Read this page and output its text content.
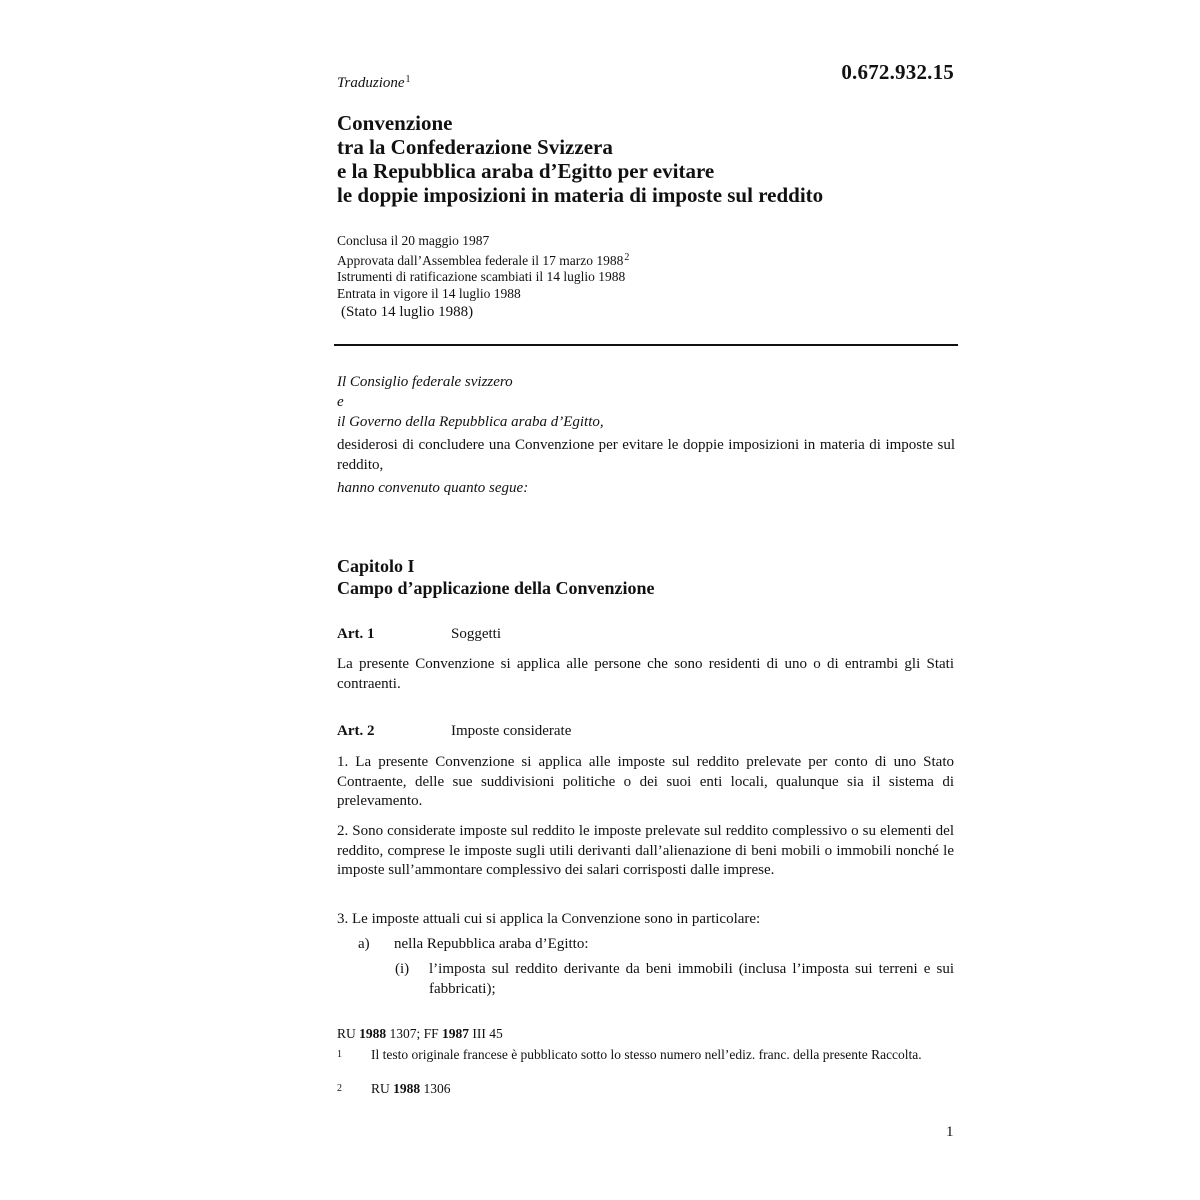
0.672.932.15
Traduzione$^1$
Convenzione
tra la Confederazione Svizzera
e la Repubblica araba d’Egitto per evitare
le doppie imposizioni in materia di imposte sul reddito
Conclusa il 20 maggio 1987
Approvata dall’Assemblea federale il 17 marzo 1988$^2$
Istrumenti di ratificazione scambiati il 14 luglio 1988
Entrata in vigore il 14 luglio 1988
(Stato 14 luglio 1988)
Il Consiglio federale svizzero
e
il Governo della Repubblica araba d’Egitto,
desiderosi di concludere una Convenzione per evitare le doppie imposizioni in materia di imposte sul reddito,
hanno convenuto quanto segue:
Capitolo I
Campo d’applicazione della Convenzione
Art. 1	Soggetti
La presente Convenzione si applica alle persone che sono residenti di uno o di entrambi gli Stati contraenti.
Art. 2	Imposte considerate
1. La presente Convenzione si applica alle imposte sul reddito prelevate per conto di uno Stato Contraente, delle sue suddivisioni politiche o dei suoi enti locali, qualunque sia il sistema di prelevamento.
2. Sono considerate imposte sul reddito le imposte prelevate sul reddito complessivo o su elementi del reddito, comprese le imposte sugli utili derivanti dall’alienazione di beni mobili o immobili nonché le imposte sull’ammontare complessivo dei salari corrisposti dalle imprese.
3. Le imposte attuali cui si applica la Convenzione sono in particolare:
a) nella Repubblica araba d’Egitto:
(i) l’imposta sul reddito derivante da beni immobili (inclusa l’imposta sui terreni e sui fabbricati);
RU 1988 1307; FF 1987 III 45
1 Il testo originale francese è pubblicato sotto lo stesso numero nell’ediz. franc. della presente Raccolta.
2 RU 1988 1306
1
